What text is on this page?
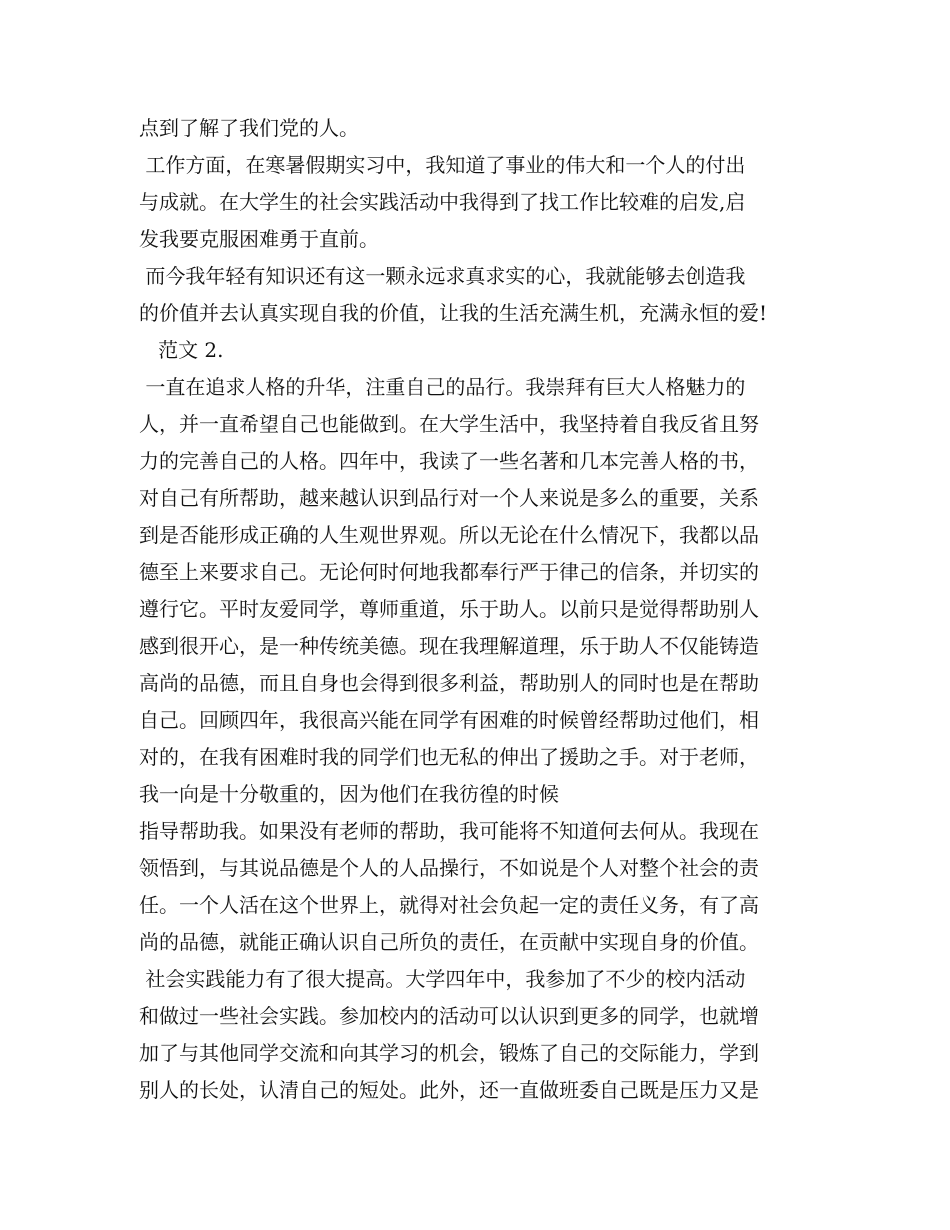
点到了解了我们党的人。
工作方面，在寒暑假期实习中，我知道了事业的伟大和一个人的付出
与成就。在大学生的社会实践活动中我得到了找工作比较难的启发,启
发我要克服困难勇于直前。
而今我年轻有知识还有这一颗永远求真求实的心，我就能够去创造我
的价值并去认真实现自我的价值，让我的生活充满生机，充满永恒的爱!
范文 2.
一直在追求人格的升华，注重自己的品行。我崇拜有巨大人格魅力的
人，并一直希望自己也能做到。在大学生活中，我坚持着自我反省且努
力的完善自己的人格。四年中，我读了一些名著和几本完善人格的书，
对自己有所帮助，越来越认识到品行对一个人来说是多么的重要，关系
到是否能形成正确的人生观世界观。所以无论在什么情况下，我都以品
德至上来要求自己。无论何时何地我都奉行严于律己的信条，并切实的
遵行它。平时友爱同学，尊师重道，乐于助人。以前只是觉得帮助别人
感到很开心，是一种传统美德。现在我理解道理，乐于助人不仅能铸造
高尚的品德，而且自身也会得到很多利益，帮助别人的同时也是在帮助
自己。回顾四年，我很高兴能在同学有困难的时候曾经帮助过他们，相
对的，在我有困难时我的同学们也无私的伸出了援助之手。对于老师，
我一向是十分敬重的，因为他们在我彷徨的时候
指导帮助我。如果没有老师的帮助，我可能将不知道何去何从。我现在
领悟到，与其说品德是个人的人品操行，不如说是个人对整个社会的责
任。一个人活在这个世界上，就得对社会负起一定的责任义务，有了高
尚的品德，就能正确认识自己所负的责任，在贡献中实现自身的价值。
社会实践能力有了很大提高。大学四年中，我参加了不少的校内活动
和做过一些社会实践。参加校内的活动可以认识到更多的同学，也就增
加了与其他同学交流和向其学习的机会，锻炼了自己的交际能力，学到
别人的长处，认清自己的短处。此外，还一直做班委自己既是压力又是
